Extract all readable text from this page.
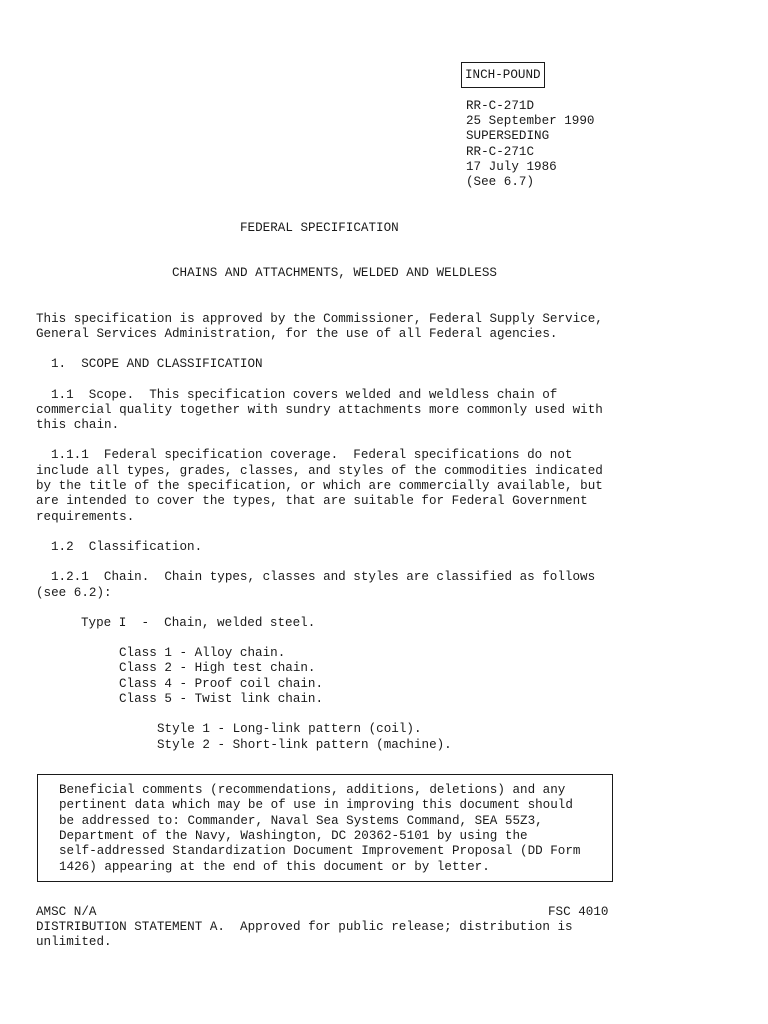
INCH-POUND
RR-C-271D
25 September 1990
SUPERSEDING
RR-C-271C
17 July 1986
(See 6.7)
FEDERAL SPECIFICATION
CHAINS AND ATTACHMENTS, WELDED AND WELDLESS
This specification is approved by the Commissioner, Federal Supply Service,
General Services Administration, for the use of all Federal agencies.
1.  SCOPE AND CLASSIFICATION
1.1  Scope.  This specification covers welded and weldless chain of
commercial quality together with sundry attachments more commonly used with
this chain.
1.1.1  Federal specification coverage.  Federal specifications do not
include all types, grades, classes, and styles of the commodities indicated
by the title of the specification, or which are commercially available, but
are intended to cover the types, that are suitable for Federal Government
requirements.
1.2  Classification.
1.2.1  Chain.  Chain types, classes and styles are classified as follows
(see 6.2):
Type I  -  Chain, welded steel.
Class 1 - Alloy chain.
Class 2 - High test chain.
Class 4 - Proof coil chain.
Class 5 - Twist link chain.
Style 1 - Long-link pattern (coil).
Style 2 - Short-link pattern (machine).
Beneficial comments (recommendations, additions, deletions) and any
pertinent data which may be of use in improving this document should
be addressed to: Commander, Naval Sea Systems Command, SEA 55Z3,
Department of the Navy, Washington, DC 20362-5101 by using the
self-addressed Standardization Document Improvement Proposal (DD Form
1426) appearing at the end of this document or by letter.
AMSC N/A	FSC 4010
DISTRIBUTION STATEMENT A.  Approved for public release; distribution is
unlimited.
